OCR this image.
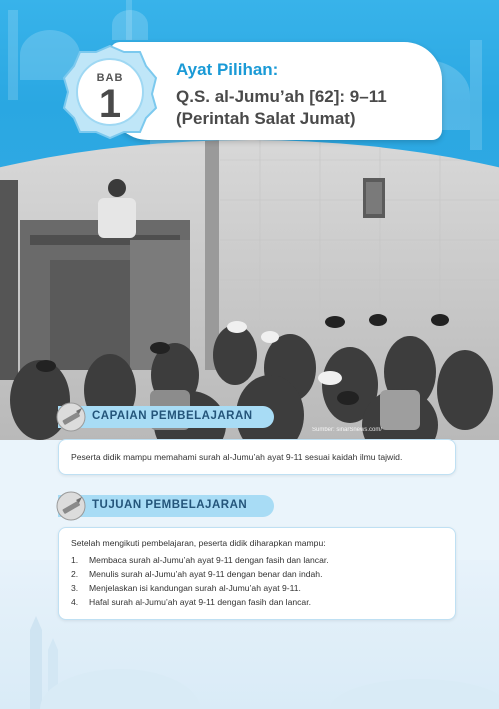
Sumber: sinarSnews.com/
Ayat Pilihan:
Q.S. al-Jumu’ah [62]: 9–11
(Perintah Salat Jumat)
BAB
1
CAPAIAN PEMBELAJARAN
Peserta didik mampu memahami surah al-Jumu’ah ayat 9-11 sesuai kaidah ilmu tajwid.
TUJUAN PEMBELAJARAN
Setelah mengikuti pembelajaran, peserta didik diharapkan mampu:
1. Membaca surah al-Jumu’ah ayat 9-11 dengan fasih dan lancar.
2. Menulis surah al-Jumu’ah ayat 9-11 dengan benar dan indah.
3. Menjelaskan isi kandungan surah al-Jumu’ah ayat 9-11.
4. Hafal surah al-Jumu’ah ayat 9-11 dengan fasih dan lancar.
